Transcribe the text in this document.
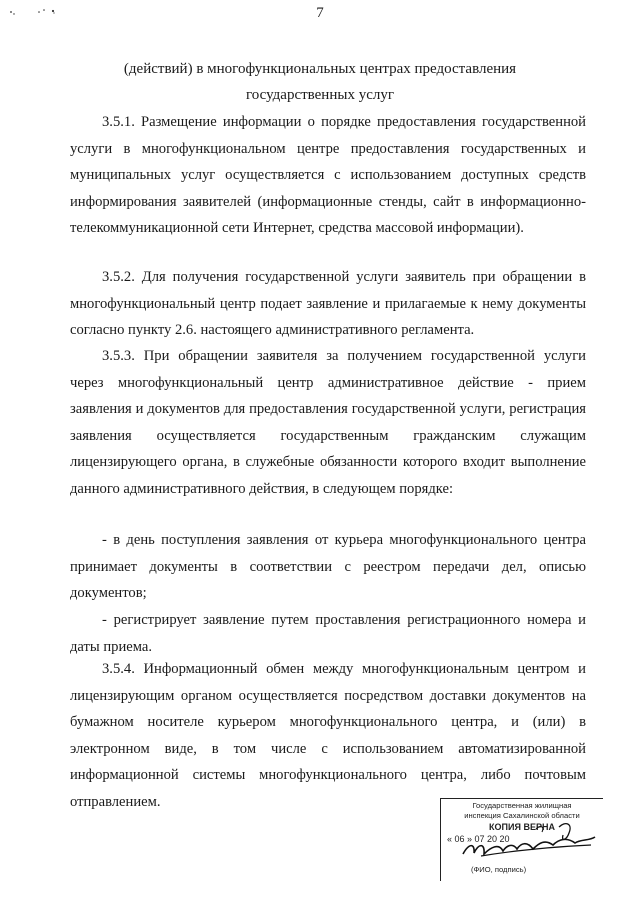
7
(действий) в многофункциональных центрах предоставления
государственных услуг

3.5.1. Размещение информации о порядке предоставления государственной услуги в многофункциональном центре предоставления государственных и муниципальных услуг осуществляется с использованием доступных средств информирования заявителей (информационные стенды, сайт в информационно-телекоммуникационной сети Интернет, средства массовой информации).

3.5.2. Для получения государственной услуги заявитель при обращении в многофункциональный центр подает заявление и прилагаемые к нему документы согласно пункту 2.6. настоящего административного регламента.

3.5.3. При обращении заявителя за получением государственной услуги через многофункциональный центр административное действие - прием заявления и документов для предоставления государственной услуги, регистрация заявления осуществляется государственным гражданским служащим лицензирующего органа, в служебные обязанности которого входит выполнение данного административного действия, в следующем порядке:

- в день поступления заявления от курьера многофункционального центра принимает документы в соответствии с реестром передачи дел, описью документов;

- регистрирует заявление путем проставления регистрационного номера и даты приема.

3.5.4. Информационный обмен между многофункциональным центром и лицензирующим органом осуществляется посредством доставки документов на бумажном носителе курьером многофункционального центра, и (или) в электронном виде, в том числе с использованием автоматизированной информационной системы многофункционального центра, либо почтовым отправлением.	Государственная жилищная
инспекция Сахалинской области
КОПИЯ ВЕРНА
« 06 » 07 20 20
(ФИО, подпись)
